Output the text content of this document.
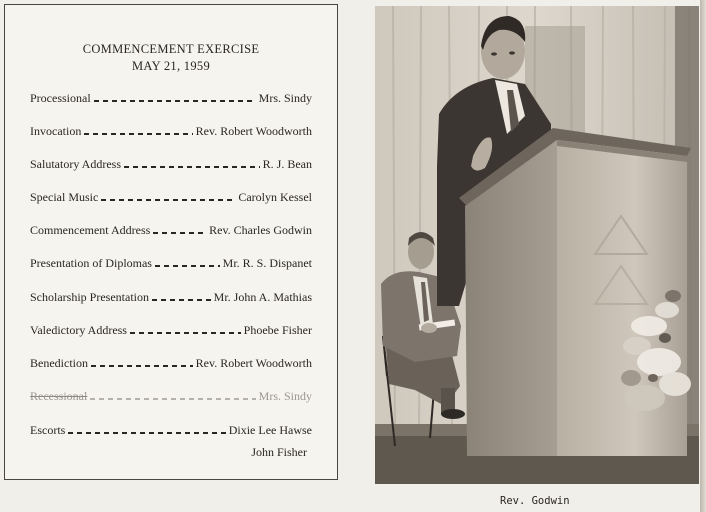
COMMENCEMENT EXERCISE
MAY 21, 1959
Processional	Mrs. Sindy
Invocation	Rev. Robert Woodworth
Salutatory Address	R. J. Bean
Special Music	Carolyn Kessel
Commencement Address	Rev. Charles Godwin
Presentation of Diplomas	Mr. R. S. Dispanet
Scholarship Presentation	Mr. John A. Mathias
Valedictory Address	Phoebe Fisher
Benediction	Rev. Robert Woodworth
Recessional	Mrs. Sindy
Escorts	Dixie Lee Hawse
John Fisher
Rev. Godwin
